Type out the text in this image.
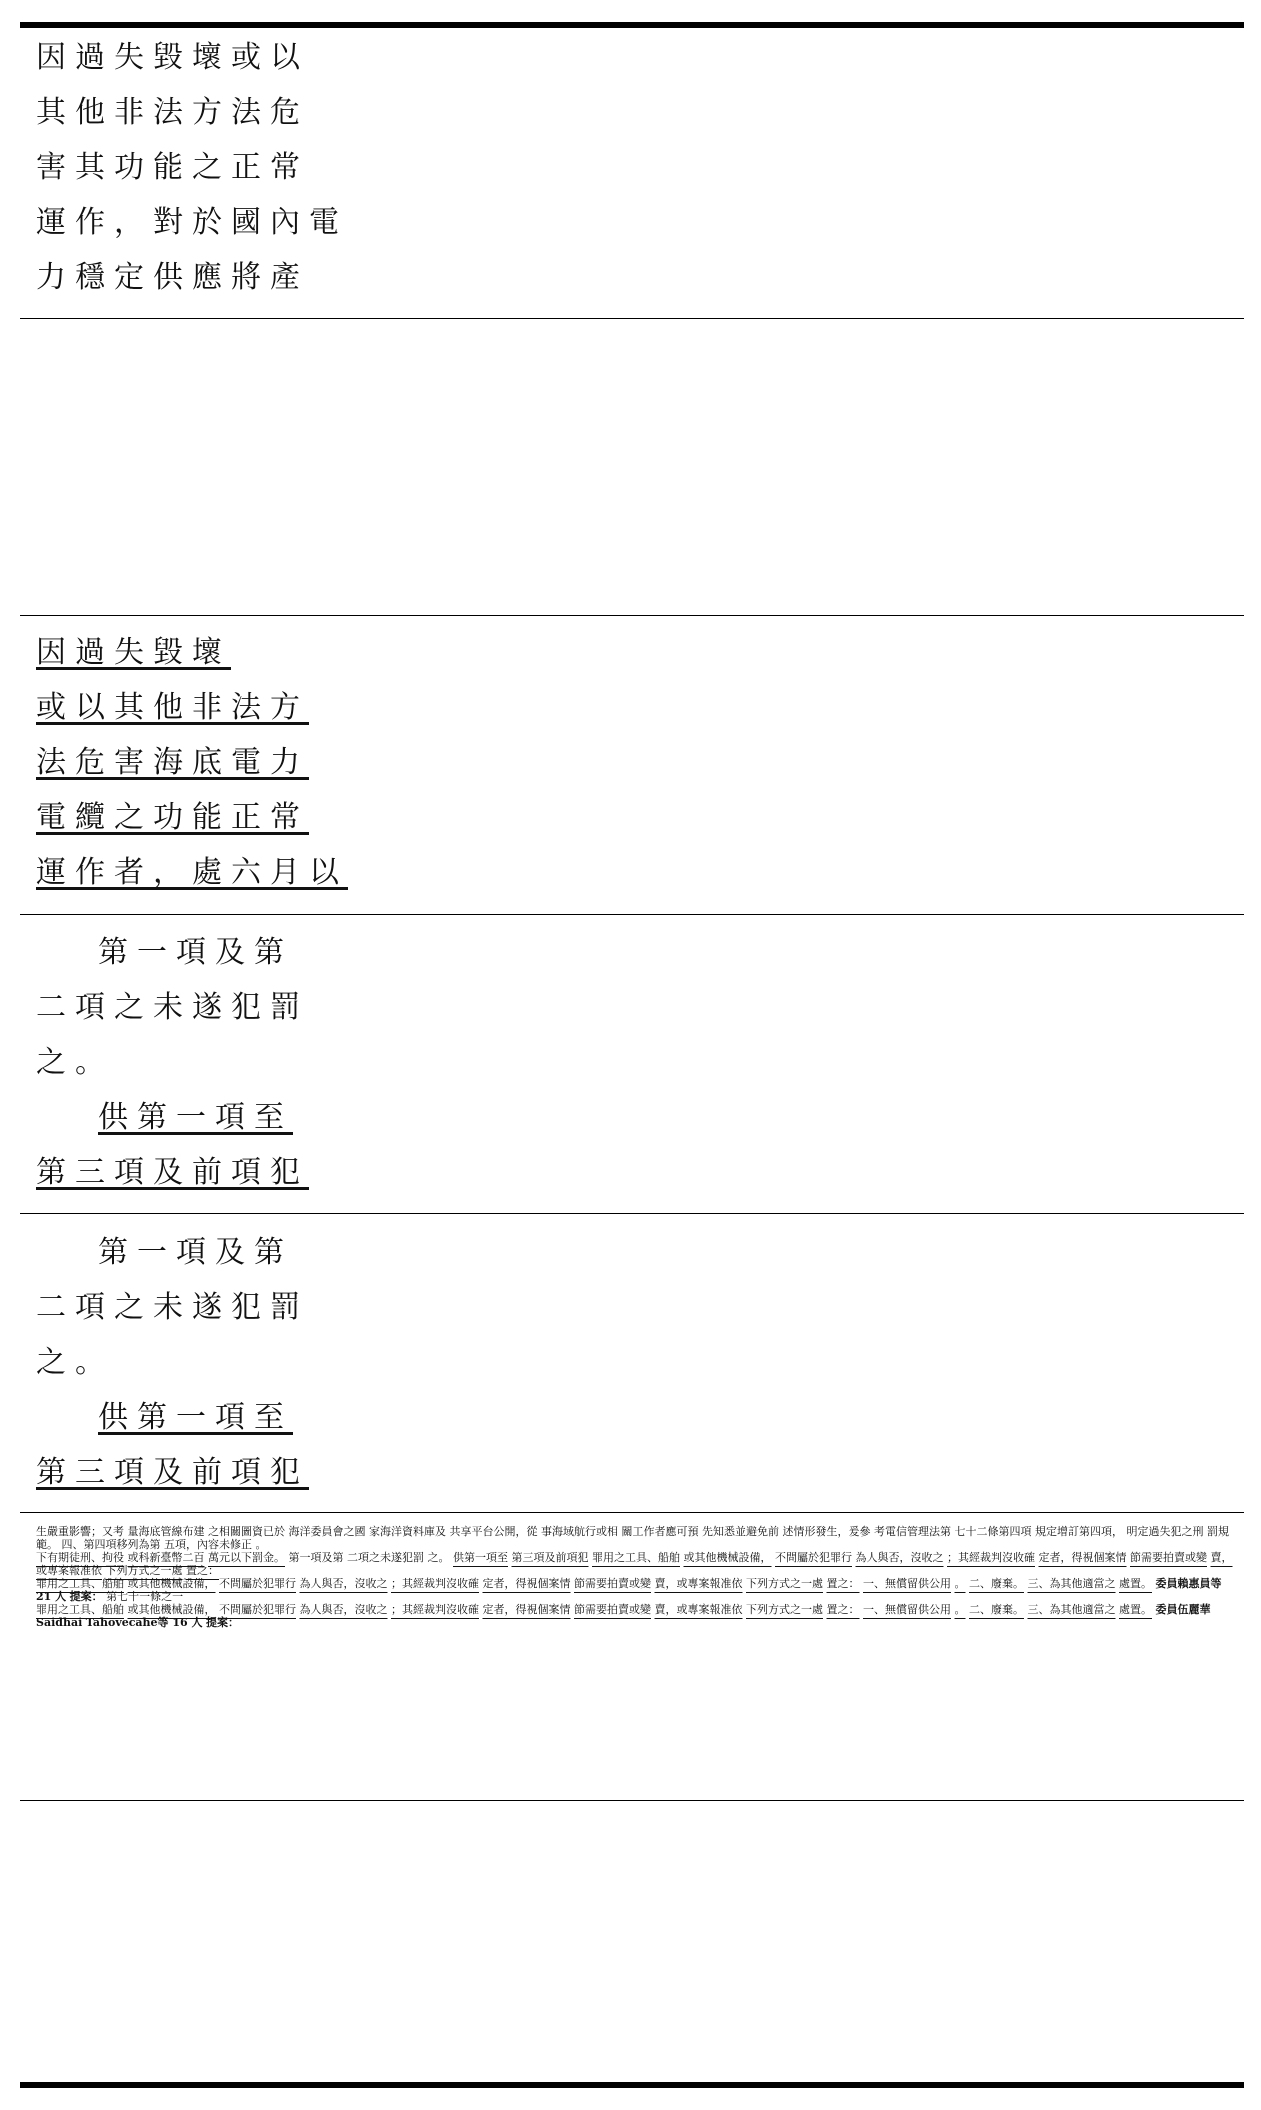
因過失毀壞或以
其他非法方法危
害其功能之正常
運作，對於國內電
力穩定供應將產
因過失毀壞
或以其他非法方
法危害海底電力
電纜之功能正常
運作者，處六月以
第一項及第
二項之未遂犯罰
之。
供第一項至
第三項及前項犯
第一項及第
二項之未遂犯罰
之。
供第一項至
第三項及前項犯
生嚴重影響；又考 量海底管線布建 之相關圖資已於 海洋委員會之國 家海洋資料庫及 共享平台公開，從 事海域航行或相 關工作者應可預 先知悉並避免前 述情形發生，爰參 考電信管理法第 七十二條第四項 規定增訂第四項， 明定過失犯之刑 罰規範。 四、第四項移列為第 五項，內容未修正 。
下有期徒刑、拘役 或科新臺幣二百 萬元以下罰金。 第一項及第 二項之未遂犯罰 之。 供第一項至 第三項及前項犯 罪用之工具、船舶 或其他機械設備， 不問屬於犯罪行 為人與否，沒收之 ；其經裁判沒收確 定者，得視個案情 節需要拍賣或變 賣，或專案報准依 下列方式之一處 置之：
罪用之工具、船舶 或其他機械設備， 不問屬於犯罪行 為人與否，沒收之 ；其經裁判沒收確 定者，得視個案情 節需要拍賣或變 賣，或專案報准依 下列方式之一處 置之： 一、無償留供公用 。 二、廢棄。 三、為其他適當之 處置。 委員賴惠員等 21 人 提案： 第七十一條之一
罪用之工具、船舶 或其他機械設備， 不問屬於犯罪行 為人與否，沒收之 ；其經裁判沒收確 定者，得視個案情 節需要拍賣或變 賣，或專案報准依 下列方式之一處 置之： 一、無償留供公用 。 二、廢棄。 三、為其他適當之 處置。 委員伍麗華Saidhai Tahovecahe等 16 人 提案：
